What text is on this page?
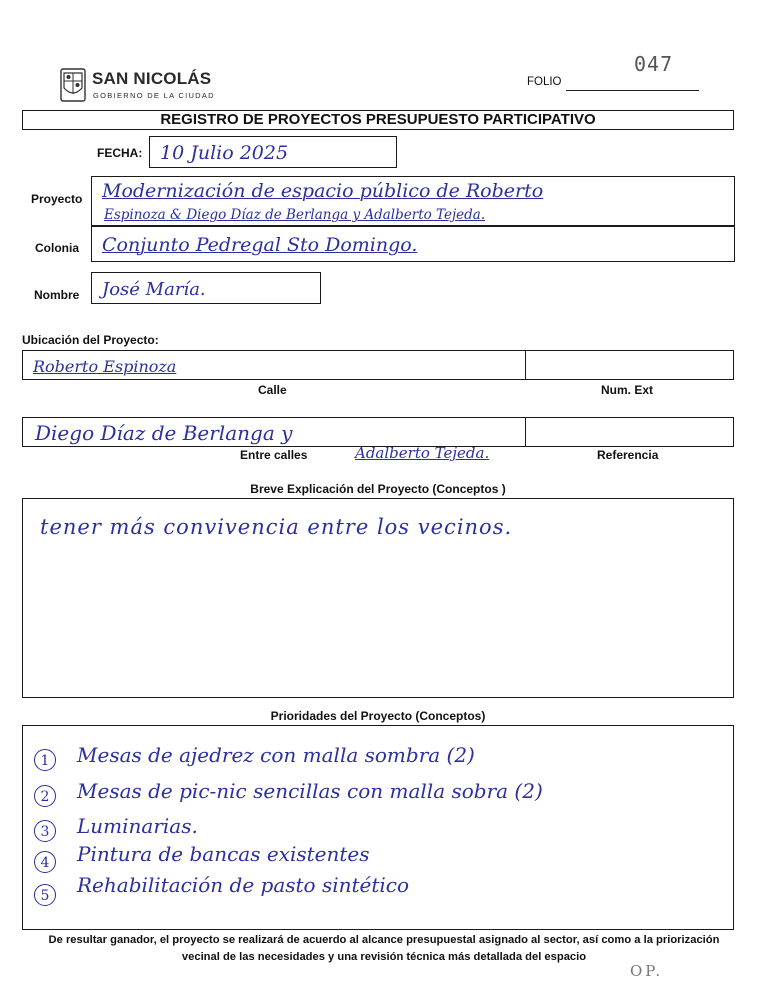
SAN NICOLÁS
GOBIERNO DE LA CIUDAD
FOLIO
047
REGISTRO DE PROYECTOS PRESUPUESTO PARTICIPATIVO
FECHA: 10 Julio 2025
Proyecto Modernización de espacio público de Roberto
Espinoza & Diego Díaz de Berlanga y Adalberto Tejeda.
Colonia Conjunto Pedregal Sto Domingo.
Nombre José María.
Ubicación del Proyecto:
Roberto Espinoza
Calle	Num. Ext
Diego Díaz de Berlanga y
Adalberto Tejeda.
Entre calles	Referencia
Breve Explicación del Proyecto (Conceptos )
tener más convivencia entre los vecinos.
Prioridades del Proyecto (Conceptos)
1	Mesas de ajedrez con malla sombra (2)
2	Mesas de pic-nic sencillas con malla sobra (2)
3	Luminarias.
4	Pintura de bancas existentes
5	Rehabilitación de pasto sintético
De resultar ganador, el proyecto se realizará de acuerdo al alcance presupuestal asignado al sector, así como a la priorización
vecinal de las necesidades y una revisión técnica más detallada del espacio
OP.
